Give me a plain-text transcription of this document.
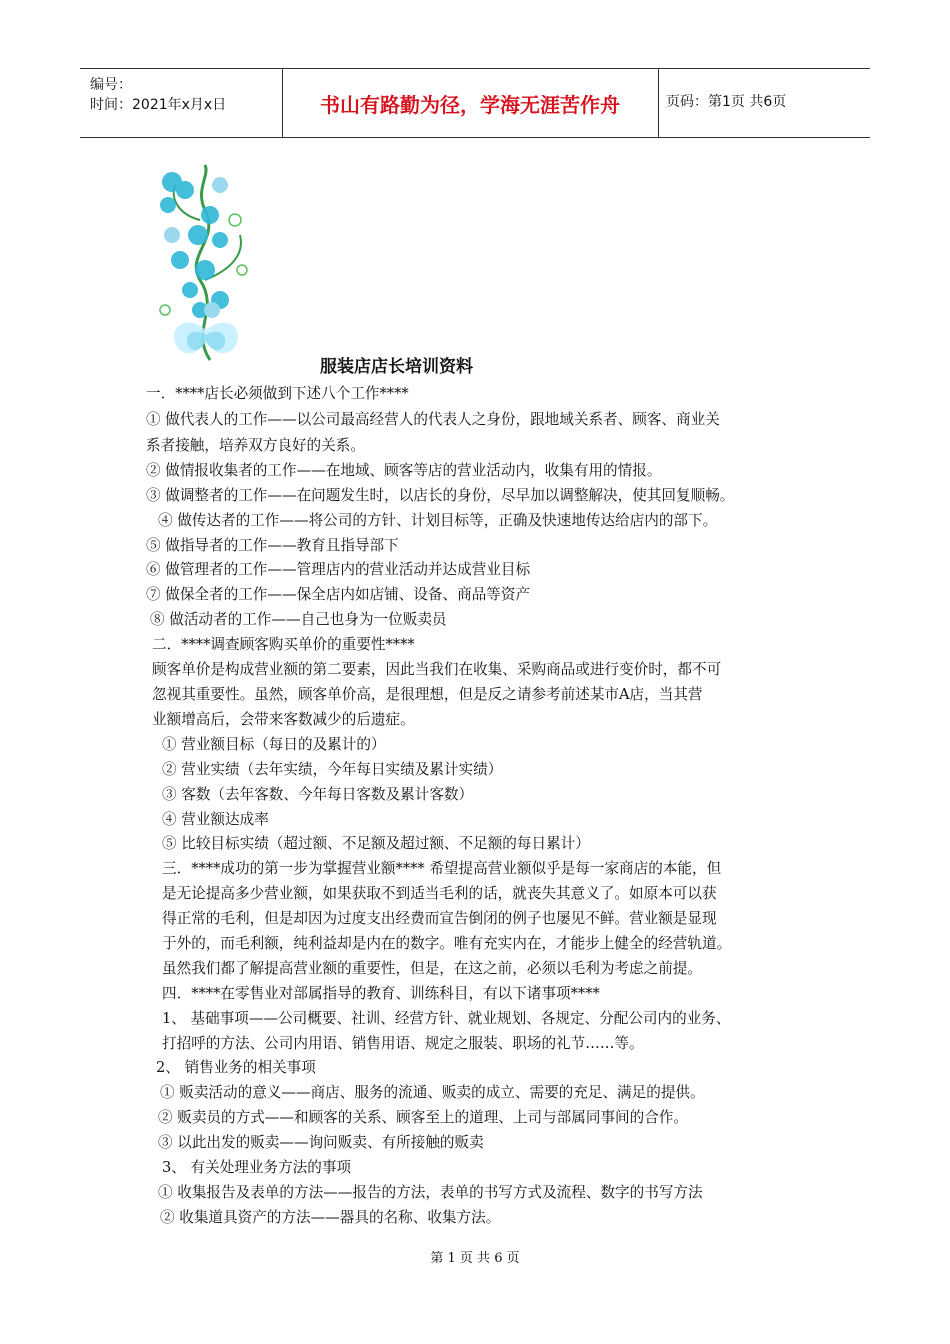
编号：
时间：2021年x月x日	书山有路勤为径，学海无涯苦作舟	页码：第1页 共6页
服装店店长培训资料
一．****店长必须做到下述八个工作****
① 做代表人的工作——以公司最高经营人的代表人之身份，跟地域关系者、顾客、商业关
系者接触，培养双方良好的关系。
② 做情报收集者的工作——在地域、顾客等店的营业活动内，收集有用的情报。
③ 做调整者的工作——在问题发生时，以店长的身份，尽早加以调整解决，使其回复顺畅。
④ 做传达者的工作——将公司的方针、计划目标等，正确及快速地传达给店内的部下。
⑤ 做指导者的工作——教育且指导部下
⑥ 做管理者的工作——管理店内的营业活动并达成营业目标
⑦ 做保全者的工作——保全店内如店铺、设备、商品等资产
⑧ 做活动者的工作——自己也身为一位贩卖员
二．****调查顾客购买单价的重要性****
顾客单价是构成营业额的第二要素，因此当我们在收集、采购商品或进行变价时，都不可
忽视其重要性。虽然，顾客单价高，是很理想，但是反之请参考前述某市A店，当其营
业额增高后，会带来客数减少的后遗症。
① 营业额目标（每日的及累计的）
② 营业实绩（去年实绩，今年每日实绩及累计实绩）
③ 客数（去年客数、今年每日客数及累计客数）
④ 营业额达成率
⑤ 比较目标实绩（超过额、不足额及超过额、不足额的每日累计）
三．****成功的第一步为掌握营业额**** 希望提高营业额似乎是每一家商店的本能，但
是无论提高多少营业额，如果获取不到适当毛利的话，就丧失其意义了。如原本可以获
得正常的毛利，但是却因为过度支出经费而宣告倒闭的例子也屡见不鲜。营业额是显现
于外的，而毛利额，纯利益却是内在的数字。唯有充实内在，才能步上健全的经营轨道。
虽然我们都了解提高营业额的重要性，但是，在这之前，必须以毛利为考虑之前提。
四．****在零售业对部属指导的教育、训练科目，有以下诸事项****
1、 基础事项——公司概要、社训、经营方针、就业规划、各规定、分配公司内的业务、
打招呼的方法、公司内用语、销售用语、规定之服装、职场的礼节……等。
2、 销售业务的相关事项
① 贩卖活动的意义——商店、服务的流通、贩卖的成立、需要的充足、满足的提供。
② 贩卖员的方式——和顾客的关系、顾客至上的道理、上司与部属同事间的合作。
③ 以此出发的贩卖——询问贩卖、有所接触的贩卖
3、 有关处理业务方法的事项
① 收集报告及表单的方法——报告的方法，表单的书写方式及流程、数字的书写方法
② 收集道具资产的方法——器具的名称、收集方法。
第 1 页 共 6 页
